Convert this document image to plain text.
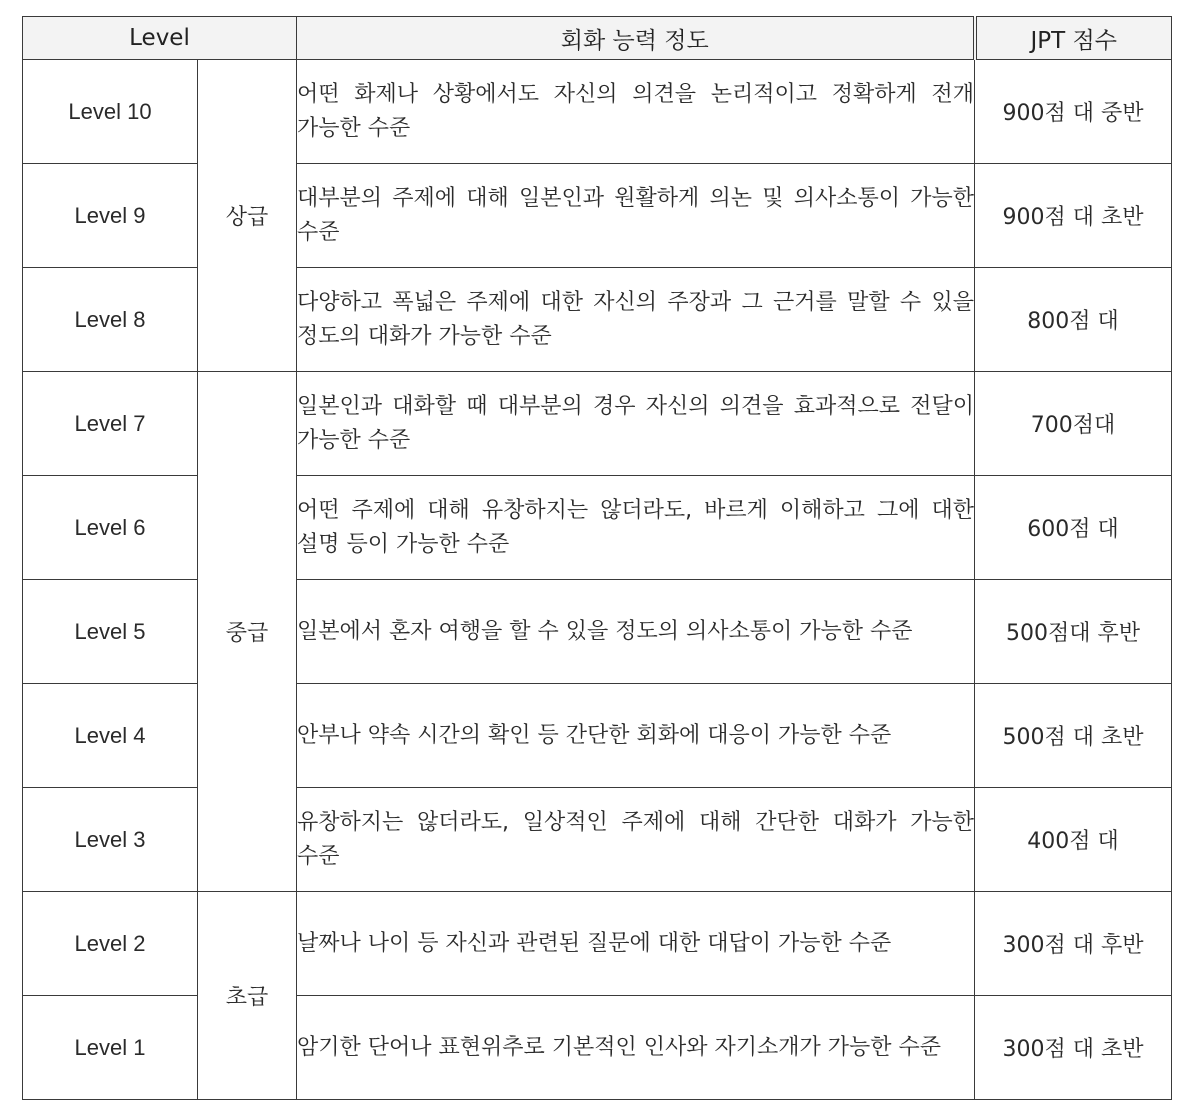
Level		회화 능력 정도	JPT 점수
Level 10	상급	어떤 화제나 상황에서도 자신의 의견을 논리적이고 정확하게 전개 가능한 수준	900점 대 중반
Level 9		대부분의 주제에 대해 일본인과 원활하게 의논 및 의사소통이 가능한 수준	900점 대 초반
Level 8		다양하고 폭넓은 주제에 대한 자신의 주장과 그 근거를 말할 수 있을 정도의 대화가 가능한 수준	800점 대
Level 7	중급	일본인과 대화할 때 대부분의 경우 자신의 의견을 효과적으로 전달이 가능한 수준	700점대
Level 6		어떤 주제에 대해 유창하지는 않더라도, 바르게 이해하고 그에 대한 설명 등이 가능한 수준	600점 대
Level 5		일본에서 혼자 여행을 할 수 있을 정도의 의사소통이 가능한 수준	500점대 후반
Level 4		안부나 약속 시간의 확인 등 간단한 회화에 대응이 가능한 수준	500점 대 초반
Level 3		유창하지는 않더라도, 일상적인 주제에 대해 간단한 대화가 가능한 수준	400점 대
Level 2	초급	날짜나 나이 등 자신과 관련된 질문에 대한 대답이 가능한 수준	300점 대 후반
Level 1		암기한 단어나 표현위추로 기본적인 인사와 자기소개가 가능한 수준	300점 대 초반
